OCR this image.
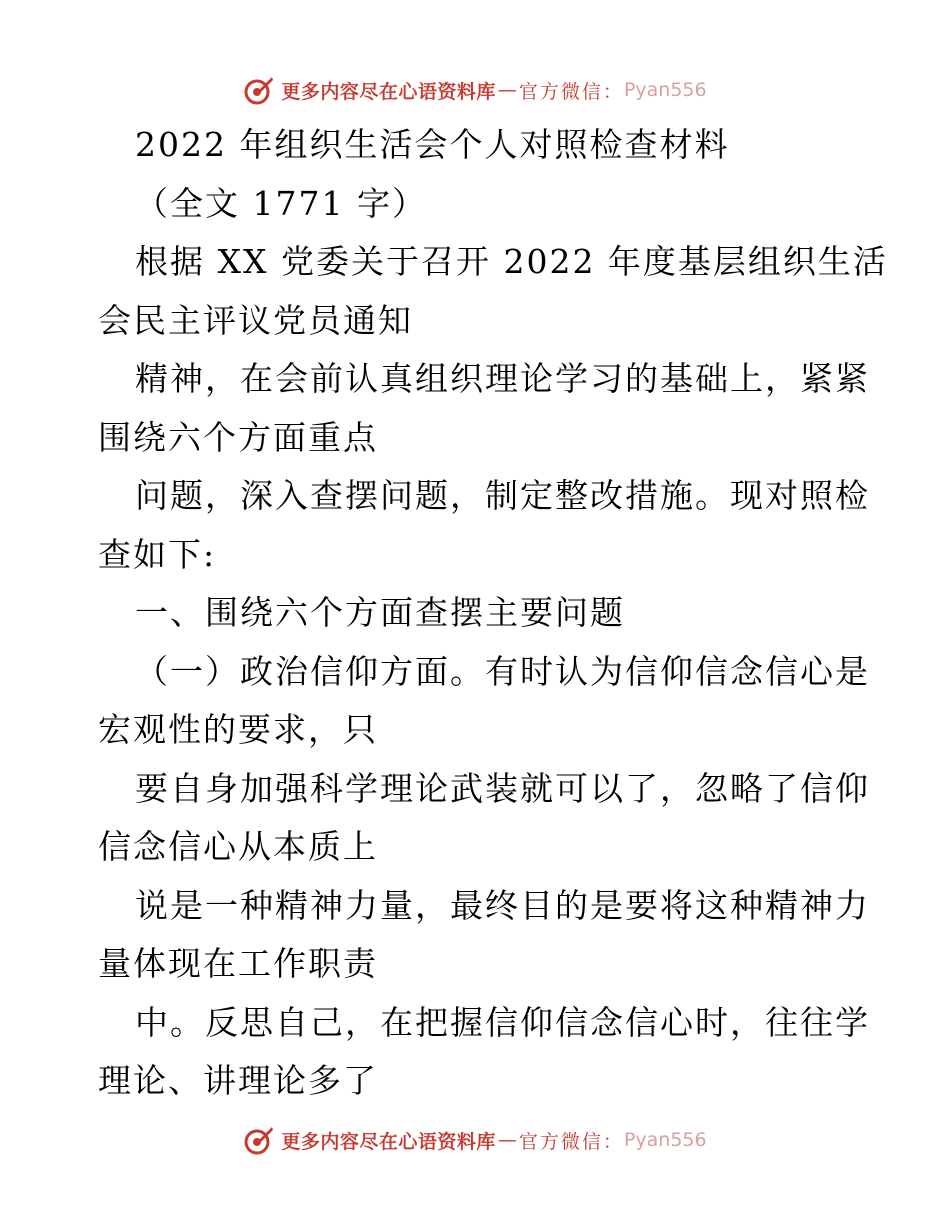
更多内容尽在心语资料库 — 官方微信： Pyan556
2022 年组织生活会个人对照检查材料
（全文 1771 字）
根据 XX 党委关于召开 2022 年度基层组织生活
会民主评议党员通知
精神，在会前认真组织理论学习的基础上，紧紧
围绕六个方面重点
问题，深入查摆问题，制定整改措施。现对照检
查如下:
一、围绕六个方面查摆主要问题
（一）政治信仰方面。有时认为信仰信念信心是
宏观性的要求，只
要自身加强科学理论武装就可以了，忽略了信仰
信念信心从本质上
说是一种精神力量，最终目的是要将这种精神力
量体现在工作职责
中。反思自己，在把握信仰信念信心时，往往学
理论、讲理论多了
更多内容尽在心语资料库 — 官方微信： Pyan556
